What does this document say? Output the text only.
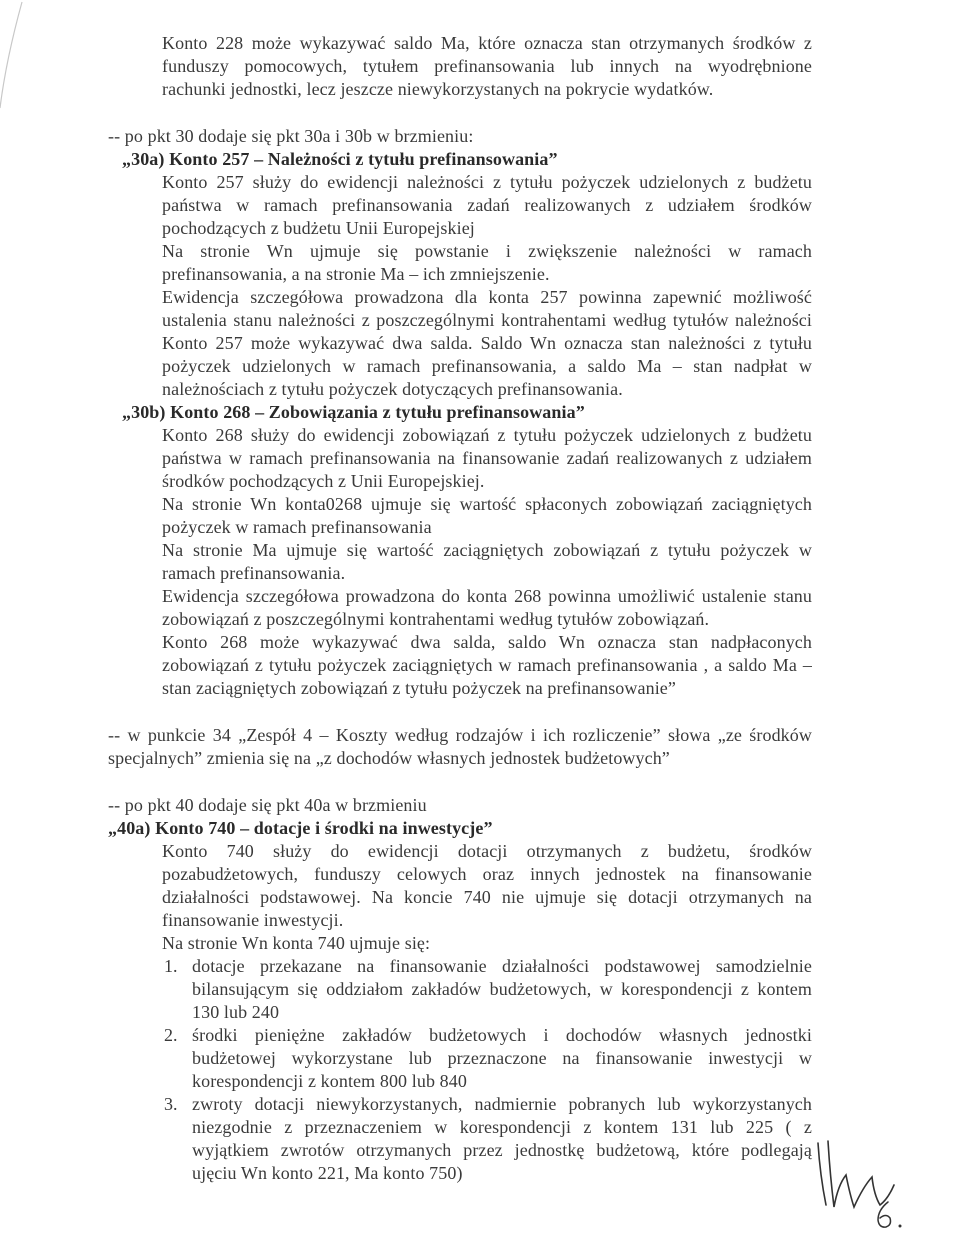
Konto 228 może wykazywać saldo Ma, które oznacza stan otrzymanych środków z
funduszy pomocowych, tytułem prefinansowania lub innych na wyodrębnione
rachunki jednostki, lecz jeszcze niewykorzystanych na pokrycie wydatków.
-- po pkt 30 dodaje się pkt 30a i 30b w brzmieniu:
„30a) Konto 257 – Należności z tytułu prefinansowania”
Konto 257 służy do ewidencji należności z tytułu pożyczek udzielonych z budżetu
państwa w ramach prefinansowania zadań realizowanych z udziałem środków
pochodzących z budżetu Unii Europejskiej
Na stronie Wn ujmuje się powstanie i zwiększenie należności w ramach
prefinansowania, a na stronie Ma – ich zmniejszenie.
Ewidencja szczegółowa prowadzona dla konta 257 powinna zapewnić możliwość
ustalenia stanu należności z poszczególnymi kontrahentami według tytułów należności
Konto 257 może wykazywać dwa salda. Saldo Wn oznacza stan należności z tytułu
pożyczek udzielonych w ramach prefinansowania, a saldo Ma – stan nadpłat w
należnościach z tytułu pożyczek dotyczących prefinansowania.
„30b) Konto 268 – Zobowiązania z tytułu prefinansowania”
Konto 268 służy do ewidencji zobowiązań z tytułu pożyczek udzielonych z budżetu
państwa w ramach prefinansowania na finansowanie zadań realizowanych z udziałem
środków pochodzących z Unii Europejskiej.
Na stronie Wn konta0268 ujmuje się wartość spłaconych zobowiązań zaciągniętych
pożyczek w ramach prefinansowania
Na stronie Ma ujmuje się wartość zaciągniętych zobowiązań z tytułu pożyczek w
ramach prefinansowania.
Ewidencja szczegółowa prowadzona do konta 268 powinna umożliwić ustalenie stanu
zobowiązań z poszczególnymi kontrahentami według tytułów zobowiązań.
Konto 268 może wykazywać dwa salda, saldo Wn oznacza stan nadpłaconych
zobowiązań z tytułu pożyczek zaciągniętych w ramach prefinansowania , a saldo Ma –
stan zaciągniętych zobowiązań z tytułu pożyczek na prefinansowanie”
-- w punkcie 34 „Zespół 4 – Koszty według rodzajów i ich rozliczenie” słowa „ze środków
specjalnych” zmienia się na „z dochodów własnych jednostek budżetowych”
-- po pkt 40 dodaje się pkt 40a w brzmieniu
„40a) Konto 740 – dotacje i środki na inwestycje”
Konto 740 służy do ewidencji dotacji otrzymanych z budżetu, środków
pozabudżetowych, funduszy celowych oraz innych jednostek na finansowanie
działalności podstawowej. Na koncie 740 nie ujmuje się dotacji otrzymanych na
finansowanie inwestycji.
Na stronie Wn konta 740 ujmuje się:
1. dotacje przekazane na finansowanie działalności podstawowej samodzielnie
bilansującym się oddziałom zakładów budżetowych, w korespondencji z kontem
130 lub 240
2. środki pieniężne zakładów budżetowych i dochodów własnych jednostki
budżetowej wykorzystane lub przeznaczone na finansowanie inwestycji w
korespondencji z kontem 800 lub 840
3. zwroty dotacji niewykorzystanych, nadmiernie pobranych lub wykorzystanych
niezgodnie z przeznaczeniem w korespondencji z kontem 131 lub 225 ( z
wyjątkiem zwrotów otrzymanych przez jednostkę budżetową, które podlegają
ujęciu Wn konto 221, Ma konto 750)
